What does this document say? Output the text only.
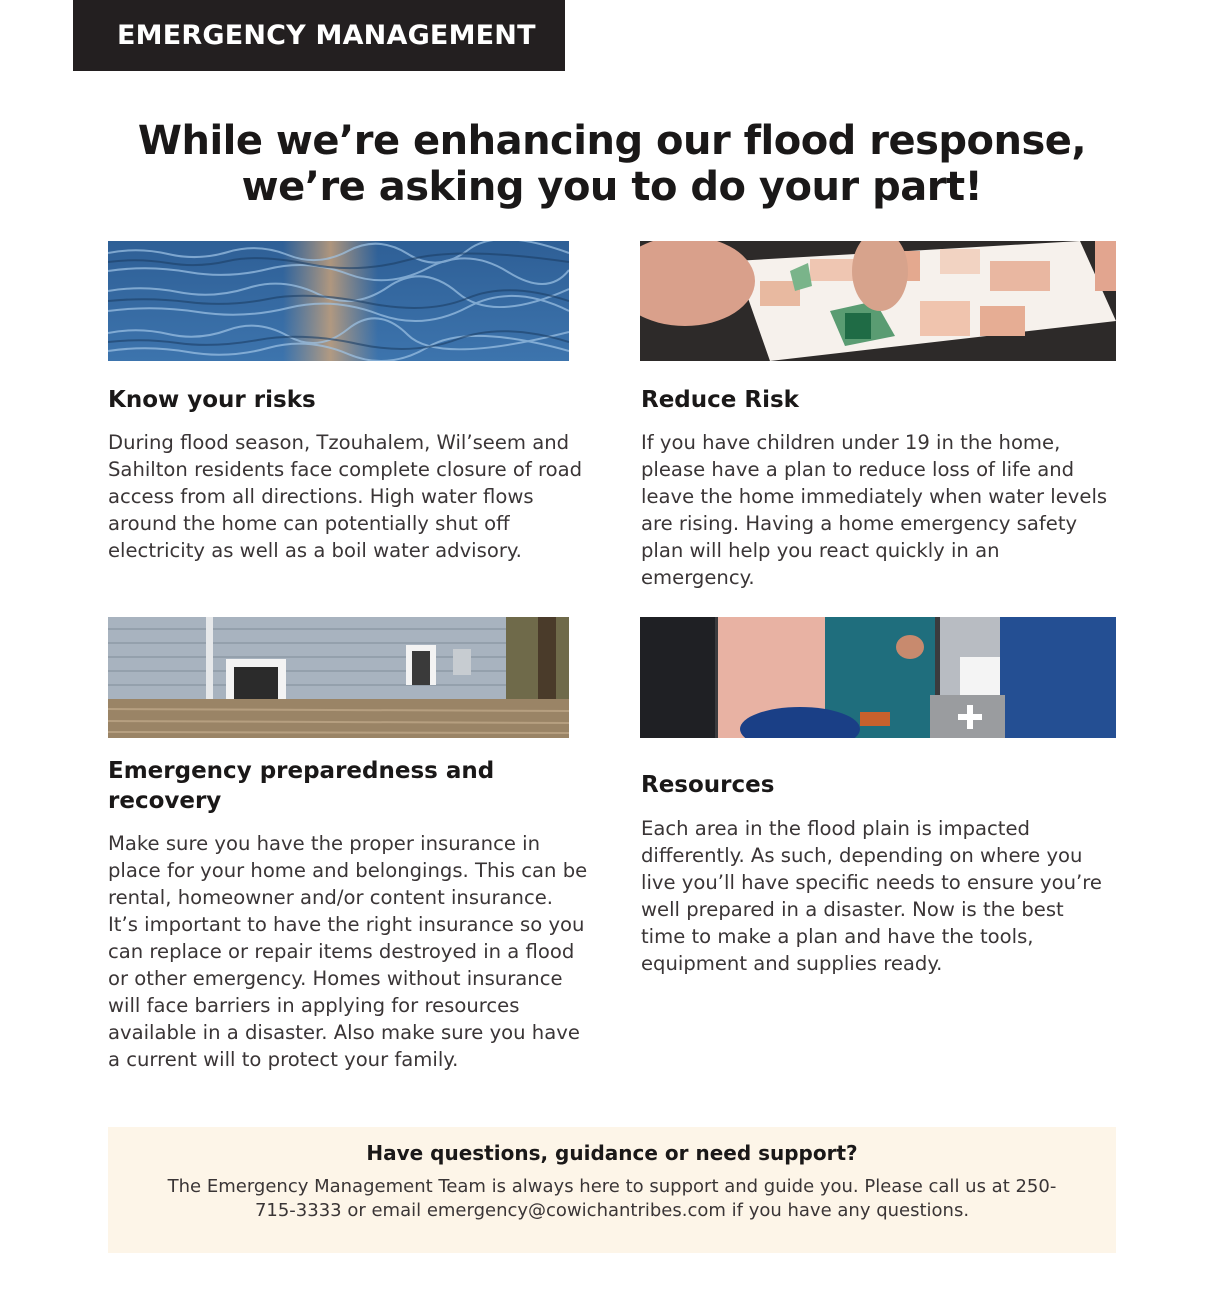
EMERGENCY MANAGEMENT
While we’re enhancing our flood response,
we’re asking you to do your part!
Know your risks

During flood season, Tzouhalem, Wil’seem and Sahilton residents face complete closure of road access from all directions. High water flows around the home can potentially shut off electricity as well as a boil water advisory.

Reduce Risk

If you have children under 19 in the home, please have a plan to reduce loss of life and leave the home immediately when water levels are rising. Having a home emergency safety plan will help you react quickly in an emergency.

Emergency preparedness and recovery

Make sure you have the proper insurance in place for your home and belongings. This can be rental, homeowner and/or content insurance. It’s important to have the right insurance so you can replace or repair items destroyed in a flood or other emergency. Homes without insurance will face barriers in applying for resources available in a disaster. Also make sure you have a current will to protect your family.

Resources

Each area in the flood plain is impacted differently. As such, depending on where you live you’ll have specific needs to ensure you’re well prepared in a disaster. Now is the best time to make a plan and have the tools, equipment and supplies ready.

Have questions, guidance or need support?

The Emergency Management Team is always here to support and guide you. Please call us at 250-715-3333 or email emergency@cowichantribes.com if you have any questions.
